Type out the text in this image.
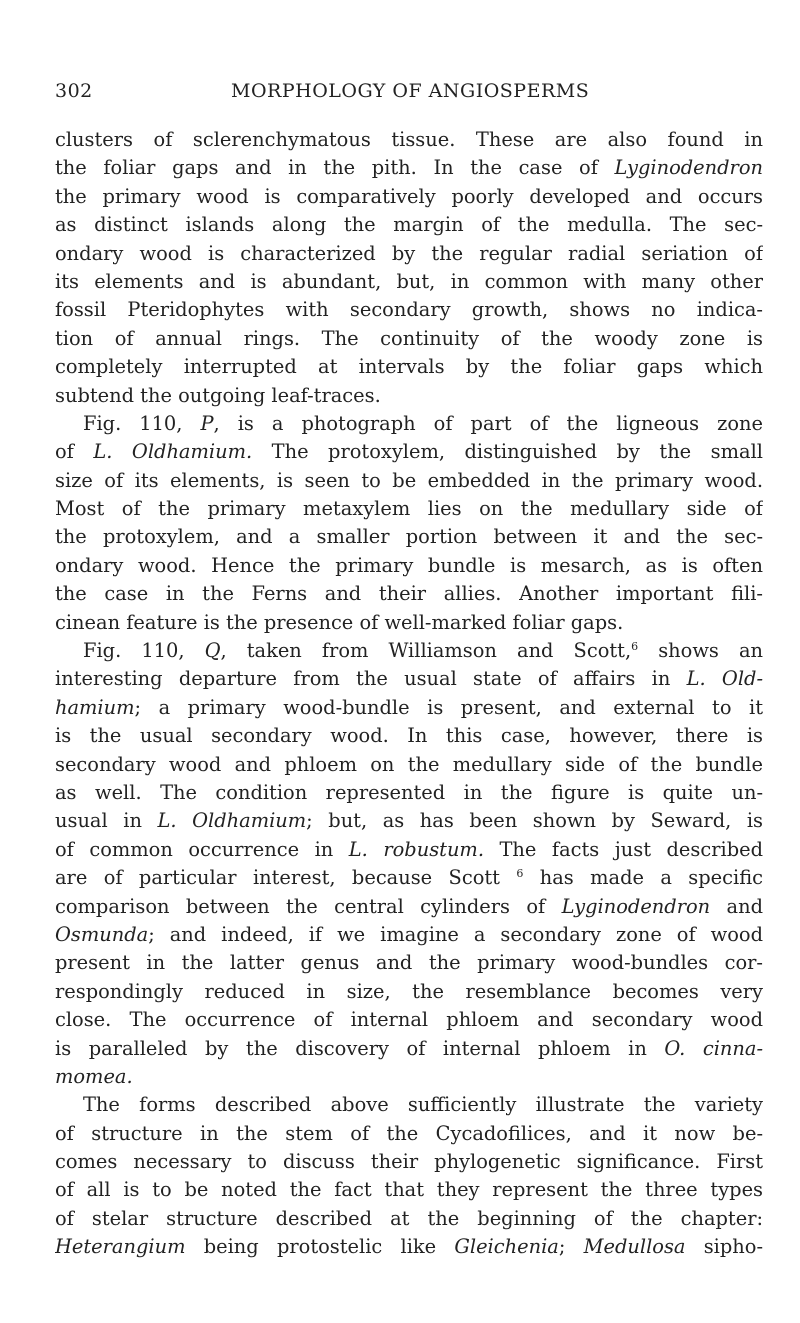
302	MORPHOLOGY OF ANGIOSPERMS
clusters of sclerenchymatous tissue. These are also found in
the foliar gaps and in the pith. In the case of Lyginodendron
the primary wood is comparatively poorly developed and occurs
as distinct islands along the margin of the medulla. The sec-
ondary wood is characterized by the regular radial seriation of
its elements and is abundant, but, in common with many other
fossil Pteridophytes with secondary growth, shows no indica-
tion of annual rings. The continuity of the woody zone is
completely interrupted at intervals by the foliar gaps which
subtend the outgoing leaf-traces.
Fig. 110, P, is a photograph of part of the ligneous zone
of L. Oldhamium. The protoxylem, distinguished by the small
size of its elements, is seen to be embedded in the primary wood.
Most of the primary metaxylem lies on the medullary side of
the protoxylem, and a smaller portion between it and the sec-
ondary wood. Hence the primary bundle is mesarch, as is often
the case in the Ferns and their allies. Another important fili-
cinean feature is the presence of well-marked foliar gaps.
Fig. 110, Q, taken from Williamson and Scott,$^6$ shows an
interesting departure from the usual state of affairs in L. Old-
hamium; a primary wood-bundle is present, and external to it
is the usual secondary wood. In this case, however, there is
secondary wood and phloem on the medullary side of the bundle
as well. The condition represented in the figure is quite un-
usual in L. Oldhamium; but, as has been shown by Seward, is
of common occurrence in L. robustum. The facts just described
are of particular interest, because Scott $^6$ has made a specific
comparison between the central cylinders of Lyginodendron and
Osmunda; and indeed, if we imagine a secondary zone of wood
present in the latter genus and the primary wood-bundles cor-
respondingly reduced in size, the resemblance becomes very
close. The occurrence of internal phloem and secondary wood
is paralleled by the discovery of internal phloem in O. cinna-
momea.
The forms described above sufficiently illustrate the variety
of structure in the stem of the Cycadofilices, and it now be-
comes necessary to discuss their phylogenetic significance. First
of all is to be noted the fact that they represent the three types
of stelar structure described at the beginning of the chapter:
Heterangium being protostelic like Gleichenia; Medullosa sipho-
